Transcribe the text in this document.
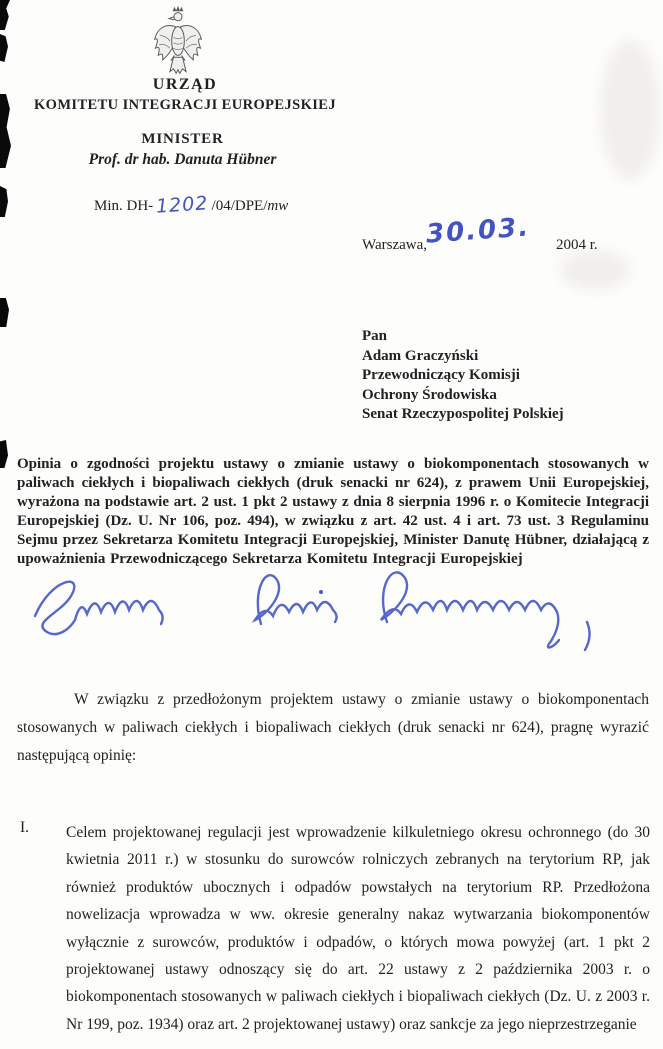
URZĄD
KOMITETU INTEGRACJI EUROPEJSKIEJ
MINISTER
Prof. dr hab. Danuta Hübner
Min. DH- 1202 /04/DPE/mw
Warszawa,
30.03. 2004 r.
Pan
Adam Graczyński
Przewodniczący Komisji
Ochrony Środowiska
Senat Rzeczypospolitej Polskiej
Opinia o zgodności projektu ustawy o zmianie ustawy o biokomponentach stosowanych w paliwach ciekłych i biopaliwach ciekłych (druk senacki nr 624), z prawem Unii Europejskiej, wyrażona na podstawie art. 2 ust. 1 pkt 2 ustawy z dnia 8 sierpnia 1996 r. o Komitecie Integracji Europejskiej (Dz. U. Nr 106, poz. 494), w związku z art. 42 ust. 4 i art. 73 ust. 3 Regulaminu Sejmu przez Sekretarza Komitetu Integracji Europejskiej, Minister Danutę Hübner, działającą z upoważnienia Przewodniczącego Sekretarza Komitetu Integracji Europejskiej
W związku z przedłożonym projektem ustawy o zmianie ustawy o biokomponentach stosowanych w paliwach ciekłych i biopaliwach ciekłych (druk senacki nr 624), pragnę wyrazić następującą opinię:
I. Celem projektowanej regulacji jest wprowadzenie kilkuletniego okresu ochronnego (do 30 kwietnia 2011 r.) w stosunku do surowców rolniczych zebranych na terytorium RP, jak również produktów ubocznych i odpadów powstałych na terytorium RP. Przedłożona nowelizacja wprowadza w ww. okresie generalny nakaz wytwarzania biokomponentów wyłącznie z surowców, produktów i odpadów, o których mowa powyżej (art. 1 pkt 2 projektowanej ustawy odnoszący się do art. 22 ustawy z 2 października 2003 r. o biokomponentach stosowanych w paliwach ciekłych i biopaliwach ciekłych (Dz. U. z 2003 r. Nr 199, poz. 1934) oraz art. 2 projektowanej ustawy) oraz sankcje za jego nieprzestrzeganie
